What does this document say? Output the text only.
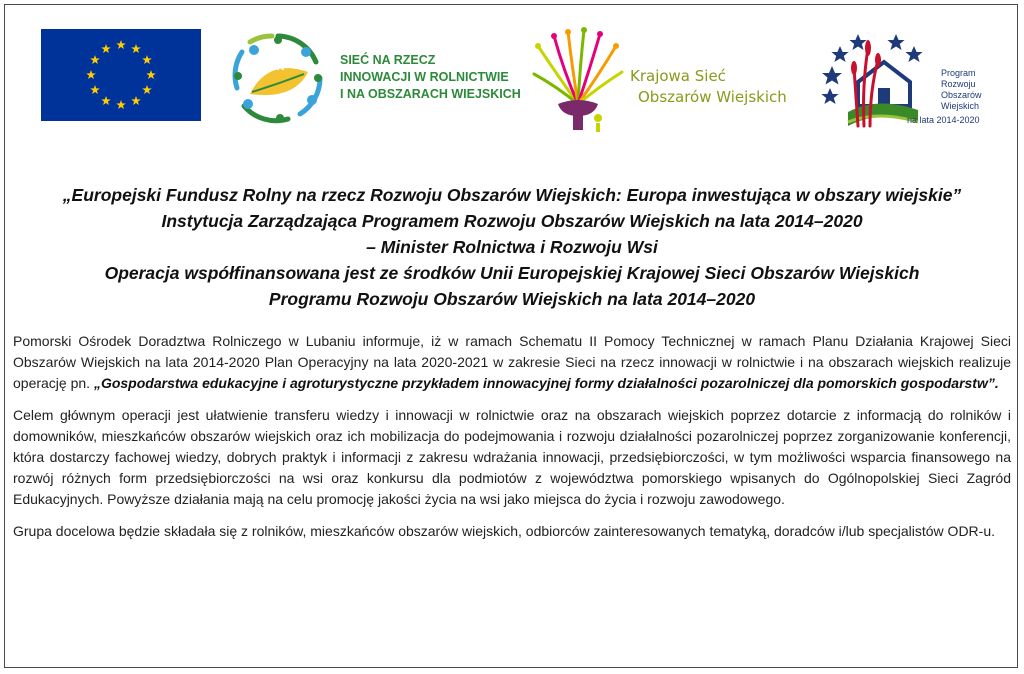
SIR	SIEĆ NA RZECZ
INNOWACJI W ROLNICTWIE
I NA OBSZARACH WIEJSKICH
Krajowa Sieć
Obszarów Wiejskich
Program
Rozwoju
Obszarów
Wiejskich
na lata 2014-2020
„Europejski Fundusz Rolny na rzecz Rozwoju Obszarów Wiejskich: Europa inwestująca w obszary wiejskie”
Instytucja Zarządzająca Programem Rozwoju Obszarów Wiejskich na lata 2014–2020
– Minister Rolnictwa i Rozwoju Wsi
Operacja współfinansowana jest ze środków Unii Europejskiej Krajowej Sieci Obszarów Wiejskich
Programu Rozwoju Obszarów Wiejskich na lata 2014–2020

Pomorski Ośrodek Doradztwa Rolniczego w Lubaniu informuje, iż w ramach Schematu II Pomocy Technicznej w ramach Planu Działania Krajowej Sieci Obszarów Wiejskich na lata 2014-2020 Plan Operacyjny na lata 2020-2021 w zakresie Sieci na rzecz innowacji w rolnictwie i na obszarach wiejskich realizuje operację pn. „Gospodarstwa edukacyjne i agroturystyczne przykładem innowacyjnej formy działalności pozarolniczej dla pomorskich gospodarstw”.

Celem głównym operacji jest ułatwienie transferu wiedzy i innowacji w rolnictwie oraz na obszarach wiejskich poprzez dotarcie z informacją do rolników i domowników, mieszkańców obszarów wiejskich oraz ich mobilizacja do podejmowania i rozwoju działalności pozarolniczej poprzez zorganizowanie konferencji, która dostarczy fachowej wiedzy, dobrych praktyk i informacji z zakresu wdrażania innowacji, przedsiębiorczości, w tym możliwości wsparcia finansowego na rozwój różnych form przedsiębiorczości na wsi oraz konkursu dla podmiotów z województwa pomorskiego wpisanych do Ogólnopolskiej Sieci Zagród Edukacyjnych. Powyższe działania mają na celu promocję jakości życia na wsi jako miejsca do życia i rozwoju zawodowego.

Grupa docelowa będzie składała się z rolników, mieszkańców obszarów wiejskich, odbiorców zainteresowanych tematyką, doradców i/lub specjalistów ODR-u.
